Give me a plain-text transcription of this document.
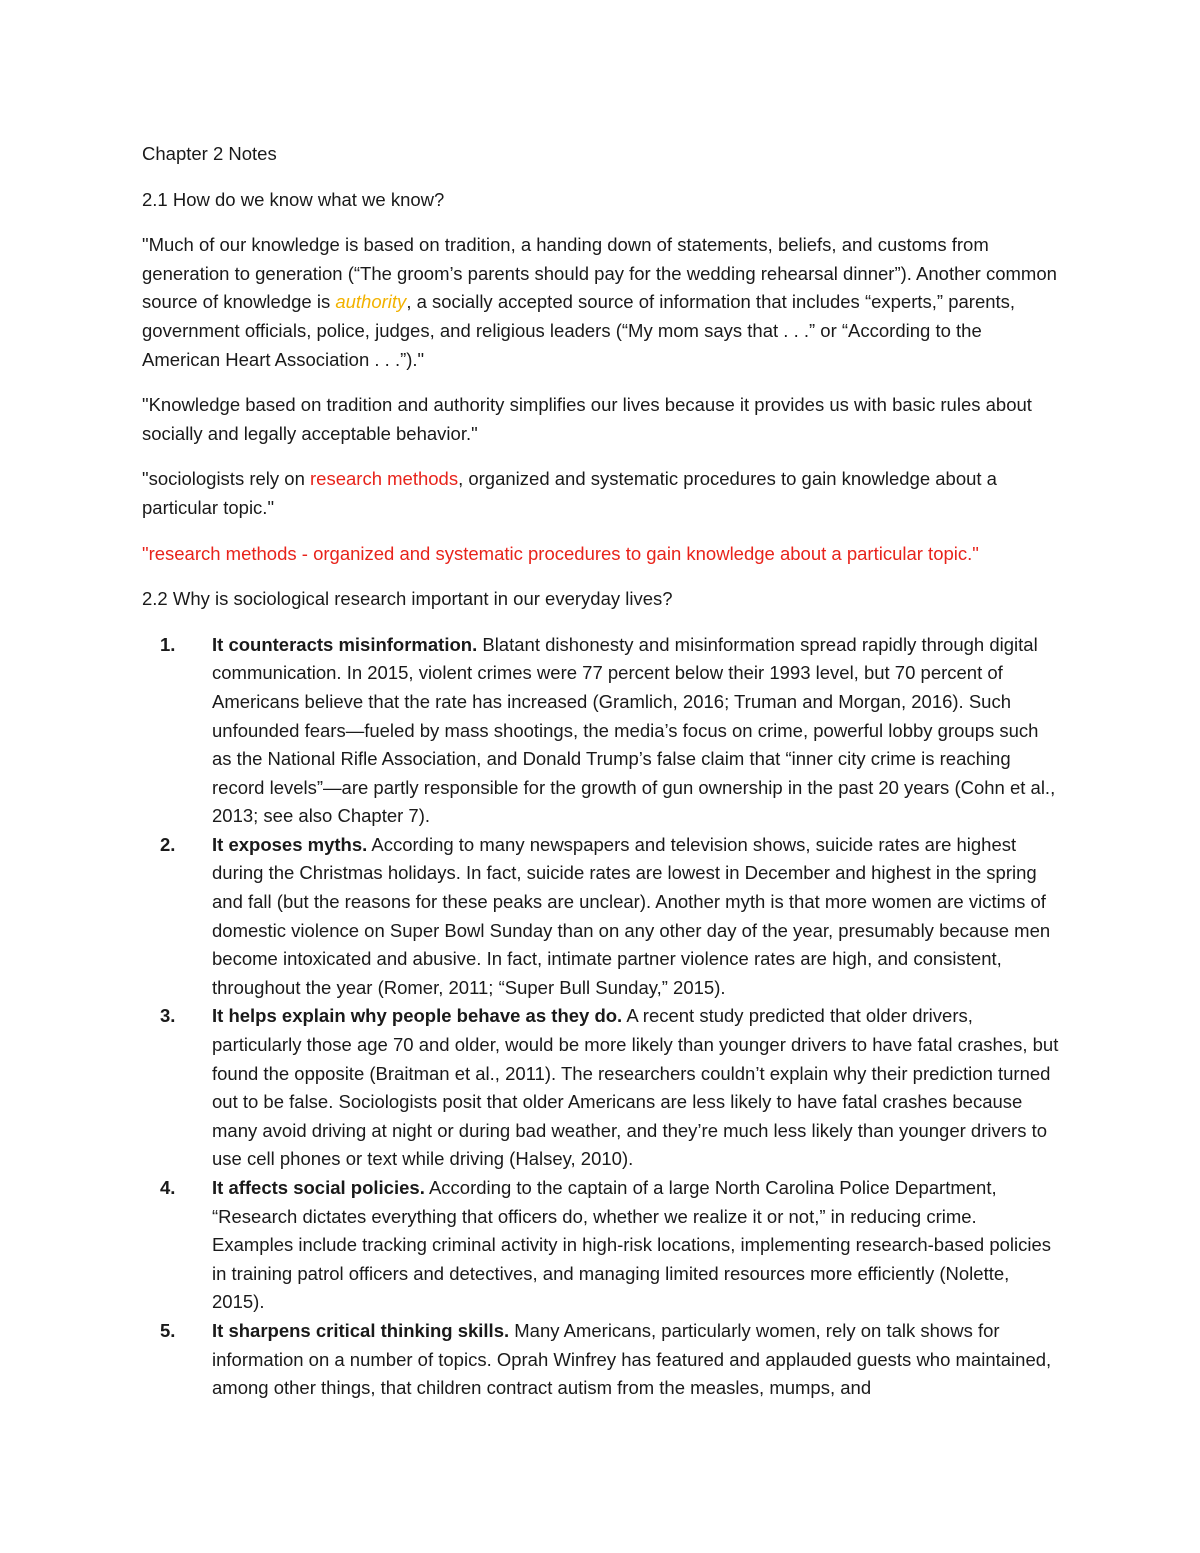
Chapter 2 Notes

2.1 How do we know what we know?

"Much of our knowledge is based on tradition, a handing down of statements, beliefs, and customs from generation to generation (“The groom’s parents should pay for the wedding rehearsal dinner”). Another common source of knowledge is authority, a socially accepted source of information that includes “experts,” parents, government officials, police, judges, and religious leaders (“My mom says that . . .” or “According to the American Heart Association . . .”)."

"Knowledge based on tradition and authority simplifies our lives because it provides us with basic rules about socially and legally acceptable behavior."

"sociologists rely on research methods, organized and systematic procedures to gain knowledge about a particular topic."

"research methods - organized and systematic procedures to gain knowledge about a particular topic."

2.2 Why is sociological research important in our everyday lives?

1. It counteracts misinformation. Blatant dishonesty and misinformation spread rapidly through digital communication. In 2015, violent crimes were 77 percent below their 1993 level, but 70 percent of Americans believe that the rate has increased (Gramlich, 2016; Truman and Morgan, 2016). Such unfounded fears—fueled by mass shootings, the media’s focus on crime, powerful lobby groups such as the National Rifle Association, and Donald Trump’s false claim that “inner city crime is reaching record levels”—are partly responsible for the growth of gun ownership in the past 20 years (Cohn et al., 2013; see also Chapter 7).
2. It exposes myths. According to many newspapers and television shows, suicide rates are highest during the Christmas holidays. In fact, suicide rates are lowest in December and highest in the spring and fall (but the reasons for these peaks are unclear). Another myth is that more women are victims of domestic violence on Super Bowl Sunday than on any other day of the year, presumably because men become intoxicated and abusive. In fact, intimate partner violence rates are high, and consistent, throughout the year (Romer, 2011; “Super Bull Sunday,” 2015).
3. It helps explain why people behave as they do. A recent study predicted that older drivers, particularly those age 70 and older, would be more likely than younger drivers to have fatal crashes, but found the opposite (Braitman et al., 2011). The researchers couldn’t explain why their prediction turned out to be false. Sociologists posit that older Americans are less likely to have fatal crashes because many avoid driving at night or during bad weather, and they’re much less likely than younger drivers to use cell phones or text while driving (Halsey, 2010).
4. It affects social policies. According to the captain of a large North Carolina Police Department, “Research dictates everything that officers do, whether we realize it or not,” in reducing crime. Examples include tracking criminal activity in high-risk locations, implementing research-based policies in training patrol officers and detectives, and managing limited resources more efficiently (Nolette, 2015).
5. It sharpens critical thinking skills. Many Americans, particularly women, rely on talk shows for information on a number of topics. Oprah Winfrey has featured and applauded guests who maintained, among other things, that children contract autism from the measles, mumps, and
